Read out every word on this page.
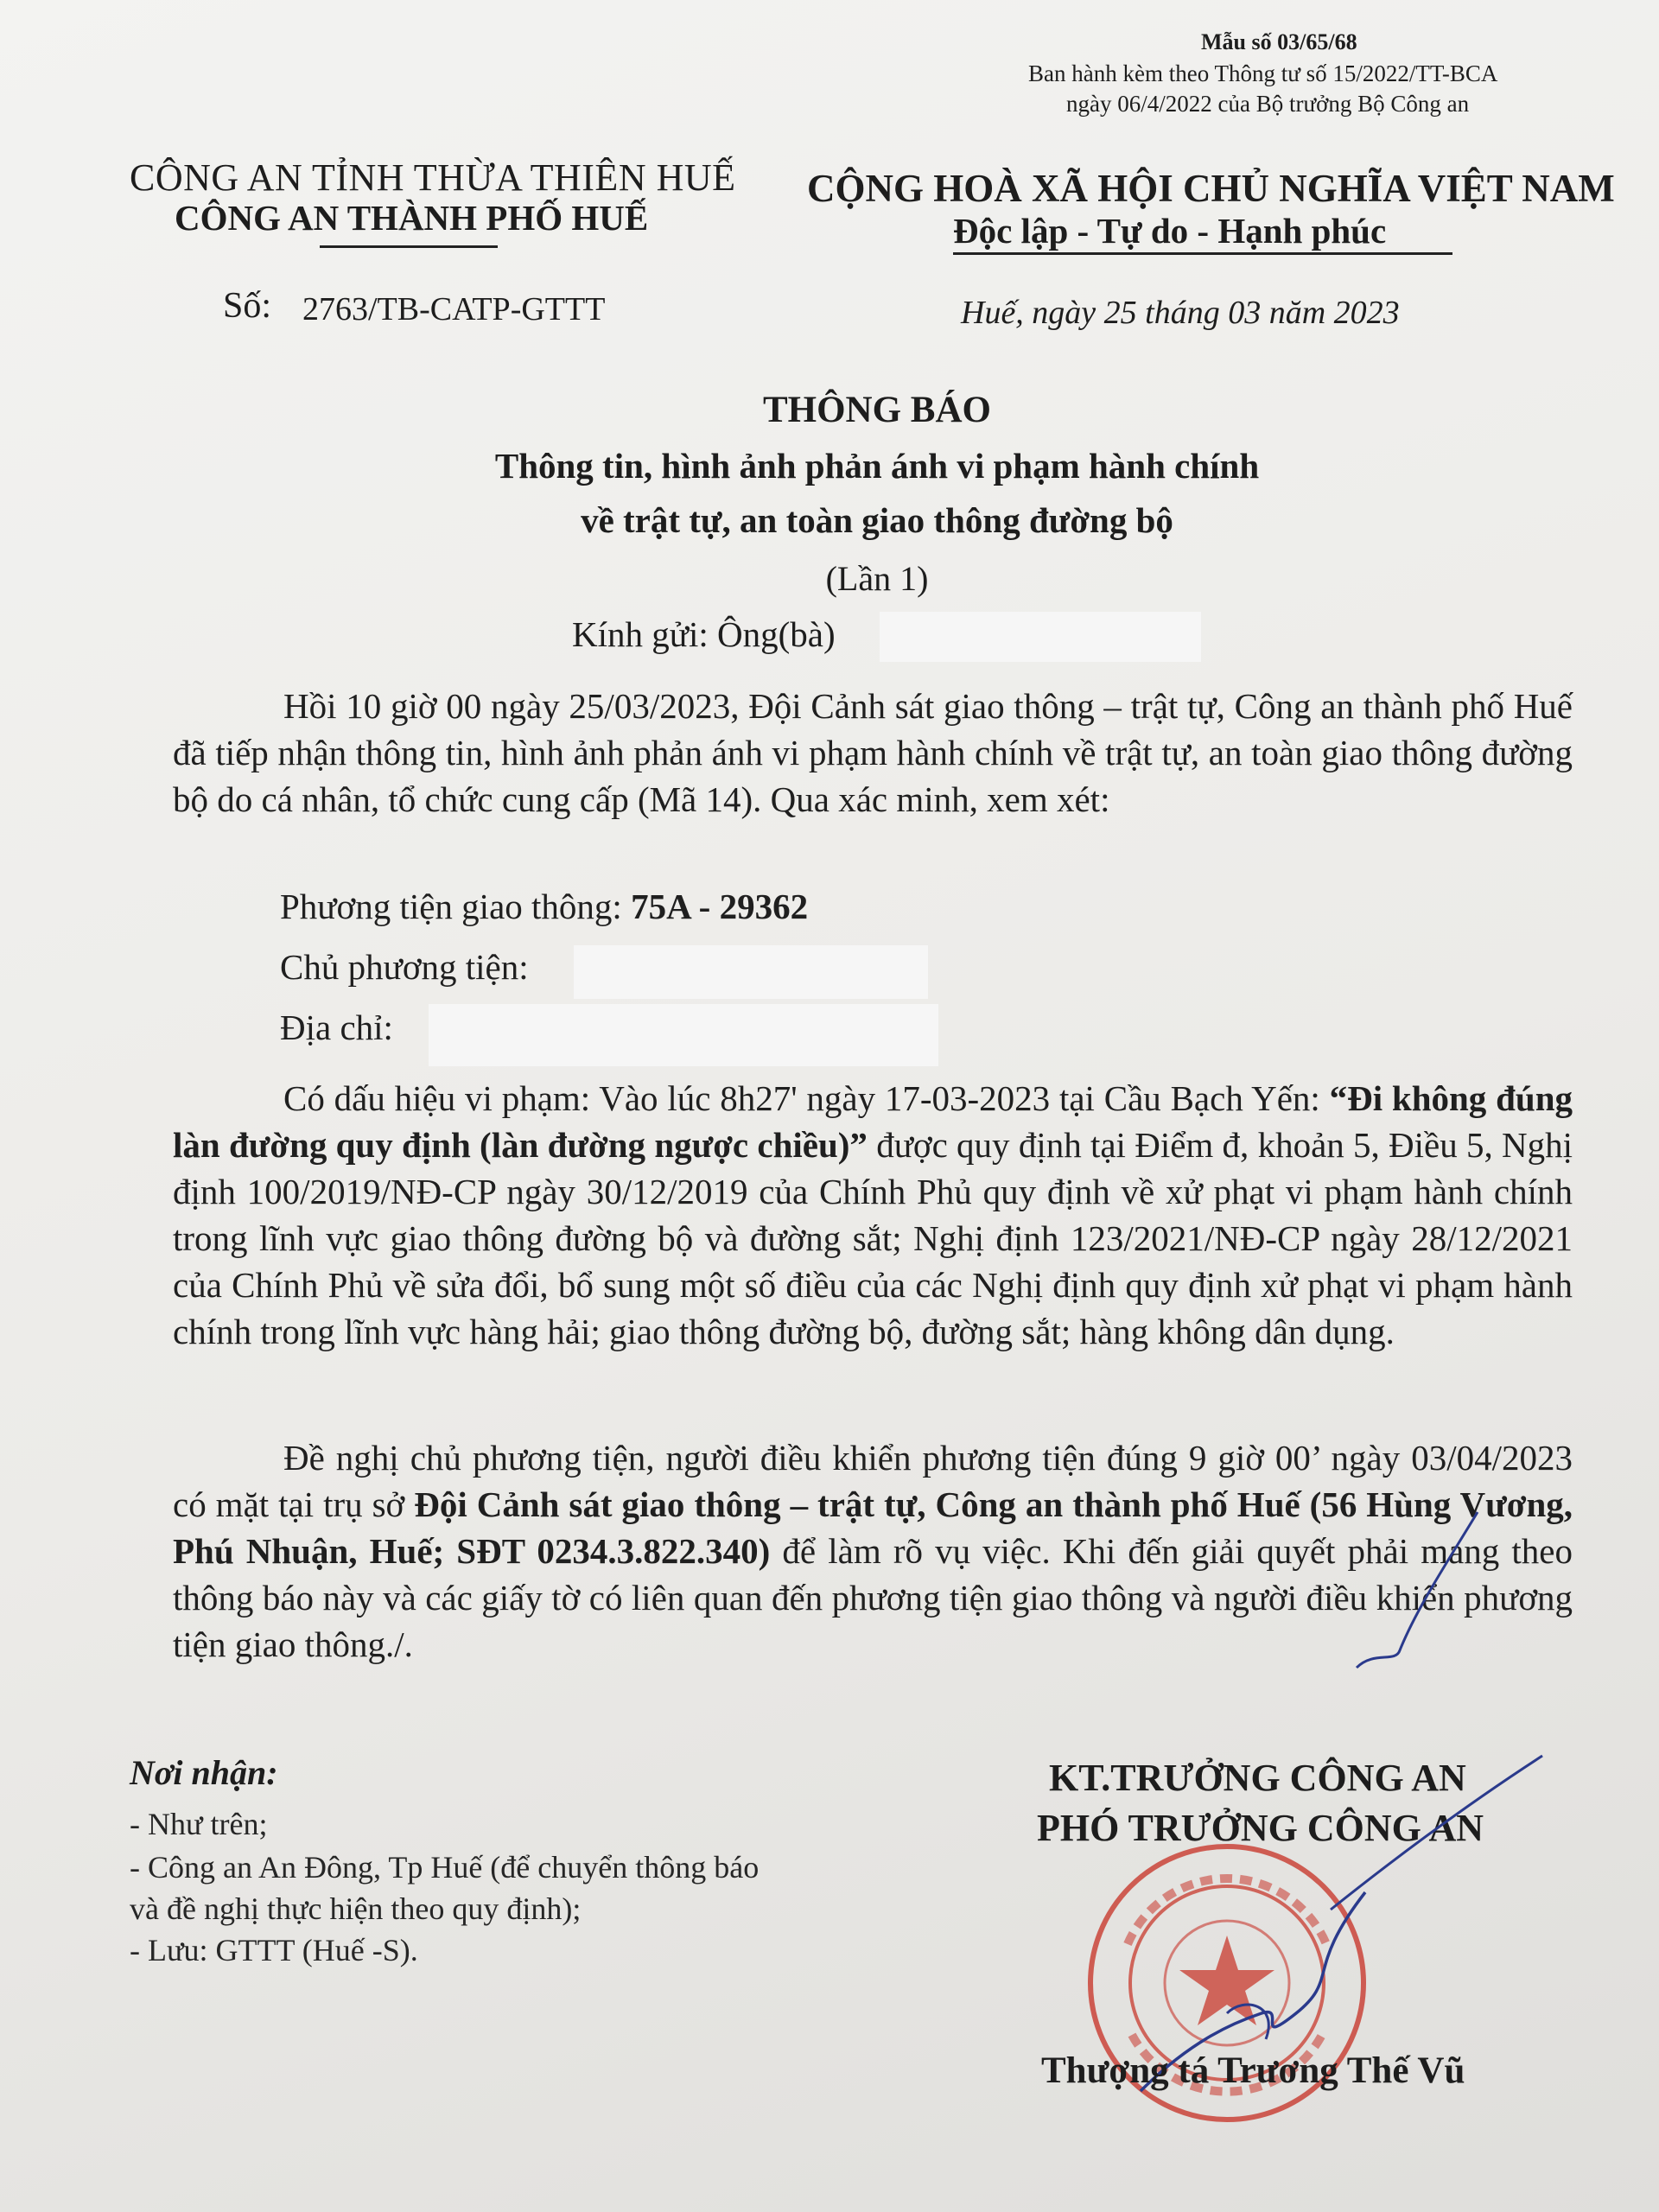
Mẫu số 03/65/68
Ban hành kèm theo Thông tư số 15/2022/TT-BCA
ngày 06/4/2022 của Bộ trưởng Bộ Công an
CÔNG AN TỈNH THỪA THIÊN HUẾ
CÔNG AN THÀNH PHỐ HUẾ
CỘNG HOÀ XÃ HỘI CHỦ NGHĨA VIỆT NAM
Độc lập - Tự do - Hạnh phúc
Số: 2763/TB-CATP-GTTT	Huế, ngày 25 tháng 03 năm 2023
THÔNG BÁO
Thông tin, hình ảnh phản ánh vi phạm hành chính
về trật tự, an toàn giao thông đường bộ
(Lần 1)
Kính gửi: Ông(bà)
Hồi 10 giờ 00 ngày 25/03/2023, Đội Cảnh sát giao thông – trật tự, Công an thành phố Huế đã tiếp nhận thông tin, hình ảnh phản ánh vi phạm hành chính về trật tự, an toàn giao thông đường bộ do cá nhân, tổ chức cung cấp (Mã 14). Qua xác minh, xem xét:
Phương tiện giao thông: 75A - 29362
Chủ phương tiện:
Địa chỉ:
Có dấu hiệu vi phạm: Vào lúc 8h27' ngày 17-03-2023 tại Cầu Bạch Yến: “Đi không đúng làn đường quy định (làn đường ngược chiều)” được quy định tại Điểm đ, khoản 5, Điều 5, Nghị định 100/2019/NĐ-CP ngày 30/12/2019 của Chính Phủ quy định về xử phạt vi phạm hành chính trong lĩnh vực giao thông đường bộ và đường sắt; Nghị định 123/2021/NĐ-CP ngày 28/12/2021 của Chính Phủ về sửa đổi, bổ sung một số điều của các Nghị định quy định xử phạt vi phạm hành chính trong lĩnh vực hàng hải; giao thông đường bộ, đường sắt; hàng không dân dụng.
Đề nghị chủ phương tiện, người điều khiển phương tiện đúng 9 giờ 00’ ngày 03/04/2023 có mặt tại trụ sở Đội Cảnh sát giao thông – trật tự, Công an thành phố Huế (56 Hùng Vương, Phú Nhuận, Huế; SĐT 0234.3.822.340) để làm rõ vụ việc. Khi đến giải quyết phải mang theo thông báo này và các giấy tờ có liên quan đến phương tiện giao thông và người điều khiển phương tiện giao thông./.
Nơi nhận:
- Như trên;
- Công an An Đông, Tp Huế (để chuyển thông báo
và đề nghị thực hiện theo quy định);
- Lưu: GTTT (Huế -S).
KT.TRƯỞNG CÔNG AN
PHÓ TRƯỞNG CÔNG AN
Thượng tá Trương Thế Vũ
